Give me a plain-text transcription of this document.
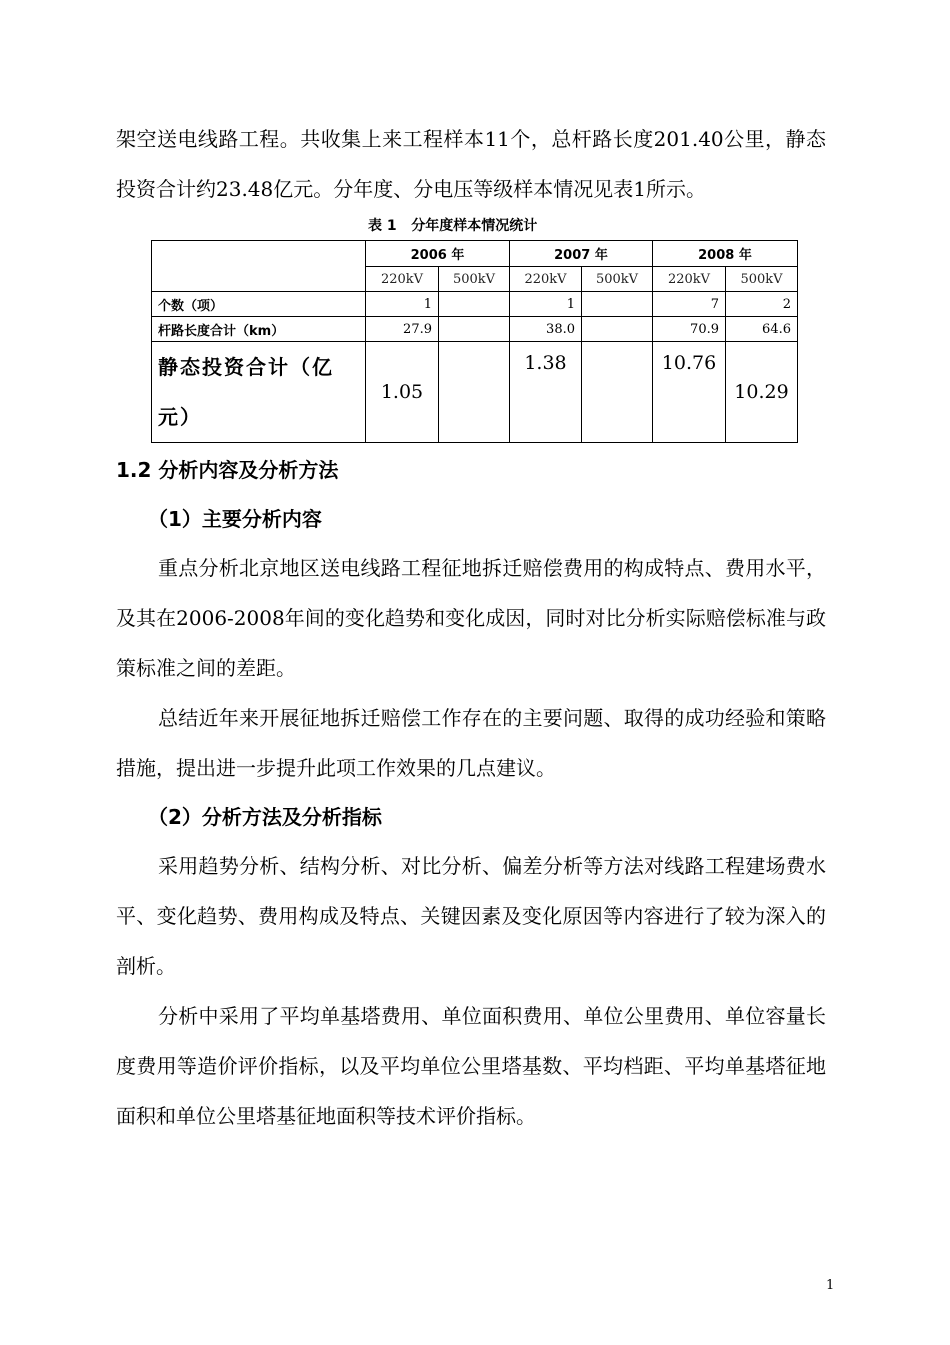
架空送电线路工程。共收集上来工程样本11个，总杆路长度201.40公里，静态投资合计约23.48亿元。分年度、分电压等级样本情况见表1所示。

表 1   分年度样本情况统计
	2006 年		2007 年		2008 年	
	220kV	500kV	220kV	500kV	220kV	500kV
个数（项）	1		1		7	2
杆路长度合计（km）	27.9		38.0		70.9	64.6
静态投资合计（亿元）	1.05		1.38		10.76	10.29

1.2 分析内容及分析方法

（1）主要分析内容

重点分析北京地区送电线路工程征地拆迁赔偿费用的构成特点、费用水平，及其在2006-2008年间的变化趋势和变化成因，同时对比分析实际赔偿标准与政策标准之间的差距。

总结近年来开展征地拆迁赔偿工作存在的主要问题、取得的成功经验和策略措施，提出进一步提升此项工作效果的几点建议。

（2）分析方法及分析指标

采用趋势分析、结构分析、对比分析、偏差分析等方法对线路工程建场费水平、变化趋势、费用构成及特点、关键因素及变化原因等内容进行了较为深入的剖析。

分析中采用了平均单基塔费用、单位面积费用、单位公里费用、单位容量长度费用等造价评价指标，以及平均单位公里塔基数、平均档距、平均单基塔征地面积和单位公里塔基征地面积等技术评价指标。

1
